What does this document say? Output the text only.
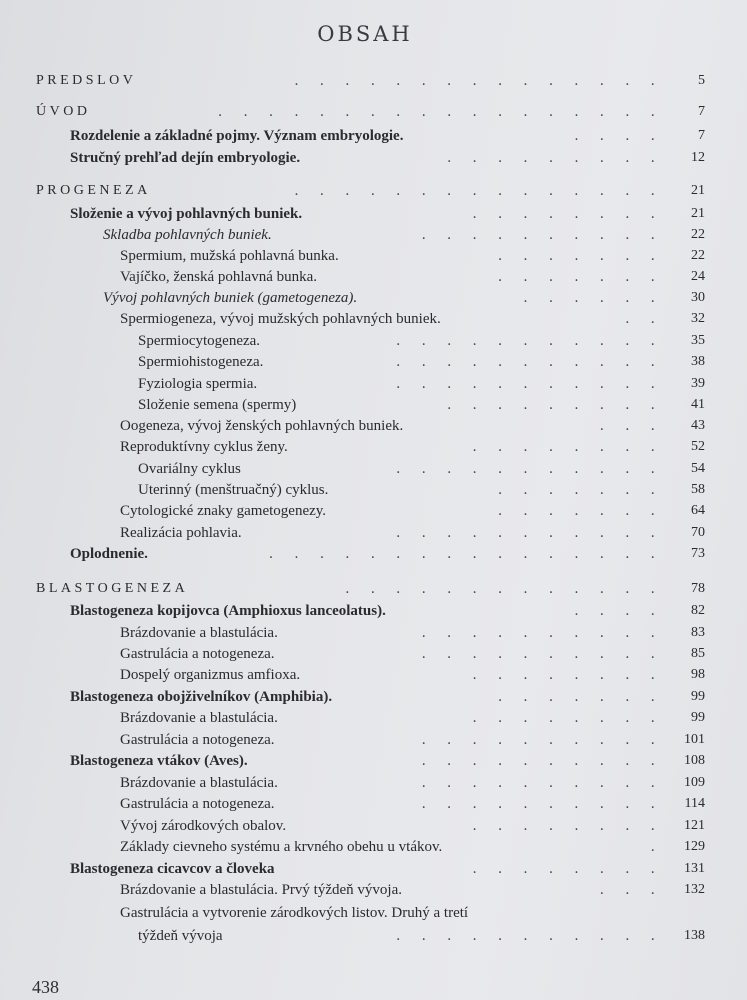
OBSAH
PREDSLOV	.  .  .  .  .  .  .  .  .  .  .  .  .  .  .	5
ÚVOD	.  .  .  .  .  .  .  .  .  .  .  .  .  .  .  .  .  .	7
Rozdelenie a základné pojmy. Význam embryologie.	.  .  .  .	7
Stručný prehľad dejín embryologie.	.  .  .  .  .  .  .  .  .	12
PROGENEZA	.  .  .  .  .  .  .  .  .  .  .  .  .  .  .	21
Složenie a vývoj pohlavných buniek.	.  .  .  .  .  .  .  .	21
Skladba pohlavných buniek.	.  .  .  .  .  .  .  .  .  .	22
Spermium, mužská pohlavná bunka.	.  .  .  .  .  .  .	22
Vajíčko, ženská pohlavná bunka.	.  .  .  .  .  .  .	24
Vývoj pohlavných buniek (gametogeneza).	.  .  .  .  .  .	30
Spermiogeneza, vývoj mužských pohlavných buniek.	.  .	32
Spermiocytogeneza.	.  .  .  .  .  .  .  .  .  .  .	35
Spermiohistogeneza.	.  .  .  .  .  .  .  .  .  .  .	38
Fyziologia spermia.	.  .  .  .  .  .  .  .  .  .  .	39
Složenie semena (spermy)	.  .  .  .  .  .  .  .  .	41
Oogeneza, vývoj ženských pohlavných buniek.	.  .  .	43
Reproduktívny cyklus ženy.	.  .  .  .  .  .  .  .	52
Ovariálny cyklus	.  .  .  .  .  .  .  .  .  .  .	54
Uterinný (menštruačný) cyklus.	.  .  .  .  .  .  .	58
Cytologické znaky gametogenezy.	.  .  .  .  .  .  .	64
Realizácia pohlavia.	.  .  .  .  .  .  .  .  .  .  .	70
Oplodnenie.	.  .  .  .  .  .  .  .  .  .  .  .  .  .  .  .	73
BLASTOGENEZA	.  .  .  .  .  .  .  .  .  .  .  .  .	78
Blastogeneza kopijovca (Amphioxus lanceolatus).	.  .  .  .	82
Brázdovanie a blastulácia.	.  .  .  .  .  .  .  .  .  .	83
Gastrulácia a notogeneza.	.  .  .  .  .  .  .  .  .  .	85
Dospelý organizmus amfioxa.	.  .  .  .  .  .  .  .	98
Blastogeneza obojživelníkov (Amphibia).	.  .  .  .  .  .  .	99
Brázdovanie a blastulácia.	.  .  .  .  .  .  .  .	99
Gastrulácia a notogeneza.	.  .  .  .  .  .  .  .  .  .	101
Blastogeneza vtákov (Aves).	.  .  .  .  .  .  .  .  .  .	108
Brázdovanie a blastulácia.	.  .  .  .  .  .  .  .  .  .	109
Gastrulácia a notogeneza.	.  .  .  .  .  .  .  .  .  .	114
Vývoj zárodkových obalov.	.  .  .  .  .  .  .  .	121
Základy cievneho systému a krvného obehu u vtákov.	.	129
Blastogeneza cicavcov a človeka	.  .  .  .  .  .  .  .	131
Brázdovanie a blastulácia. Prvý týždeň vývoja.	.  .  .	132
Gastrulácia a vytvorenie zárodkových listov. Druhý a tretí
týždeň vývoja	.  .  .  .  .  .  .  .  .  .  .	138
438
